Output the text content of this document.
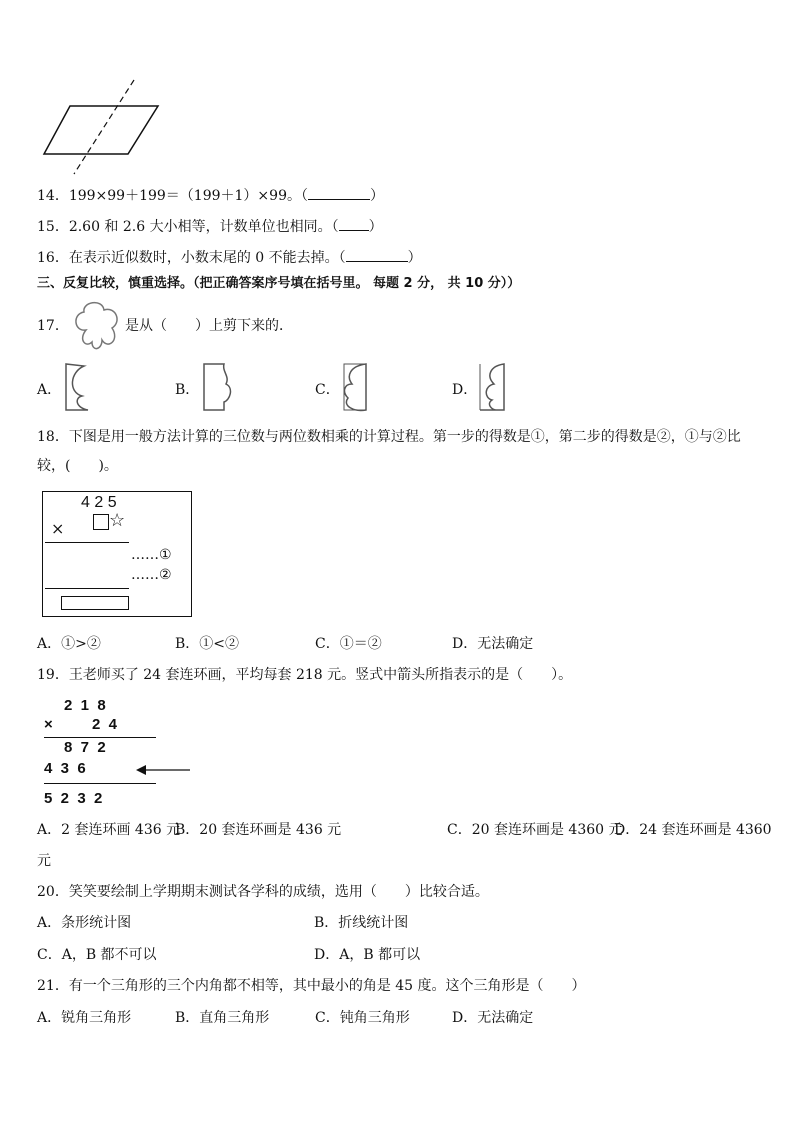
14．199×99＋199＝（199＋1）×99。（	）
15．2.60 和 2.6 大小相等，计数单位也相同。（ ）
16．在表示近似数时，小数末尾的 0 不能去掉。（	）
三、反复比较，慎重选择。（把正确答案序号填在括号里。 每题 2 分， 共 10 分））
17．	是从（　　）上剪下来的．
A．	B．	C．	D．
18．下图是用一般方法计算的三位数与两位数相乘的计算过程。第一步的得数是①，第二步的得数是②，①与②比
较，(　　)。
4 2 5
× ☆
……①
……②
A．①>②	B．①<②	C．①＝②	D．无法确定
19．王老师买了 24 套连环画，平均每套 218 元。竖式中箭头所指表示的是（　　）。
2  1  8
×	2  4
8  7  2
4  3  6
5  2  3  2
A．2 套连环画 436 元
B．20 套连环画是 436 元	C．20 套连环画是 4360 元
D．24 套连环画是 4360
元
20．笑笑要绘制上学期期末测试各学科的成绩，选用（　　）比较合适。
A．条形统计图	B．折线统计图
C．A，B 都不可以	D．A，B 都可以
21．有一个三角形的三个内角都不相等，其中最小的角是 45 度。这个三角形是（　　）
A．锐角三角形	B．直角三角形	C．钝角三角形	D．无法确定
